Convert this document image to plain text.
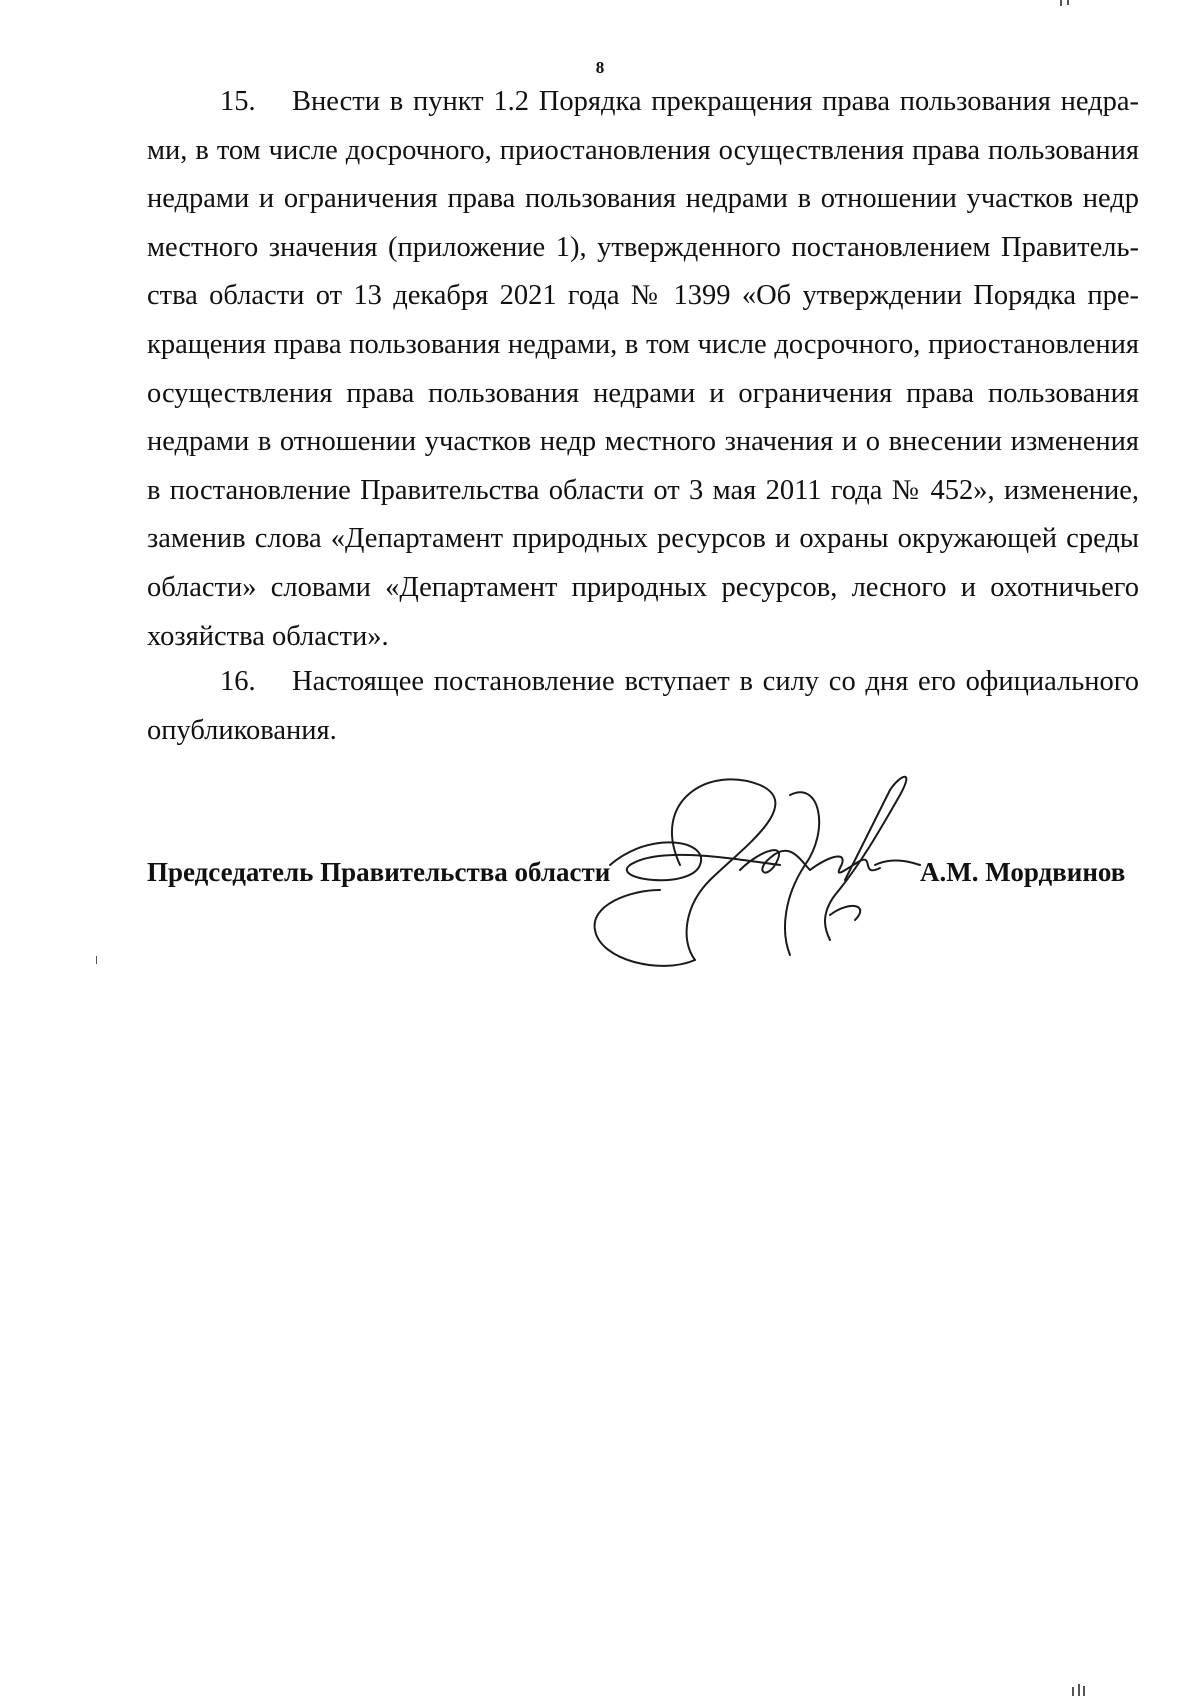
8
15. Внести в пункт 1.2 Порядка прекращения права пользования недра-
ми, в том числе досрочного, приостановления осуществления права пользования
недрами и ограничения права пользования недрами в отношении участков недр
местного значения (приложение 1), утвержденного постановлением Правитель-
ства области от 13 декабря 2021 года № 1399 «Об утверждении Порядка пре-
кращения права пользования недрами, в том числе досрочного, приостановления
осуществления права пользования недрами и ограничения права пользования
недрами в отношении участков недр местного значения и о внесении изменения
в постановление Правительства области от 3 мая 2011 года № 452», изменение,
заменив слова «Департамент природных ресурсов и охраны окружающей среды
области» словами «Департамент природных ресурсов, лесного и охотничьего
хозяйства области».
16. Настоящее постановление вступает в силу со дня его официального
опубликования.
Председатель Правительства области	А.М. Мордвинов
